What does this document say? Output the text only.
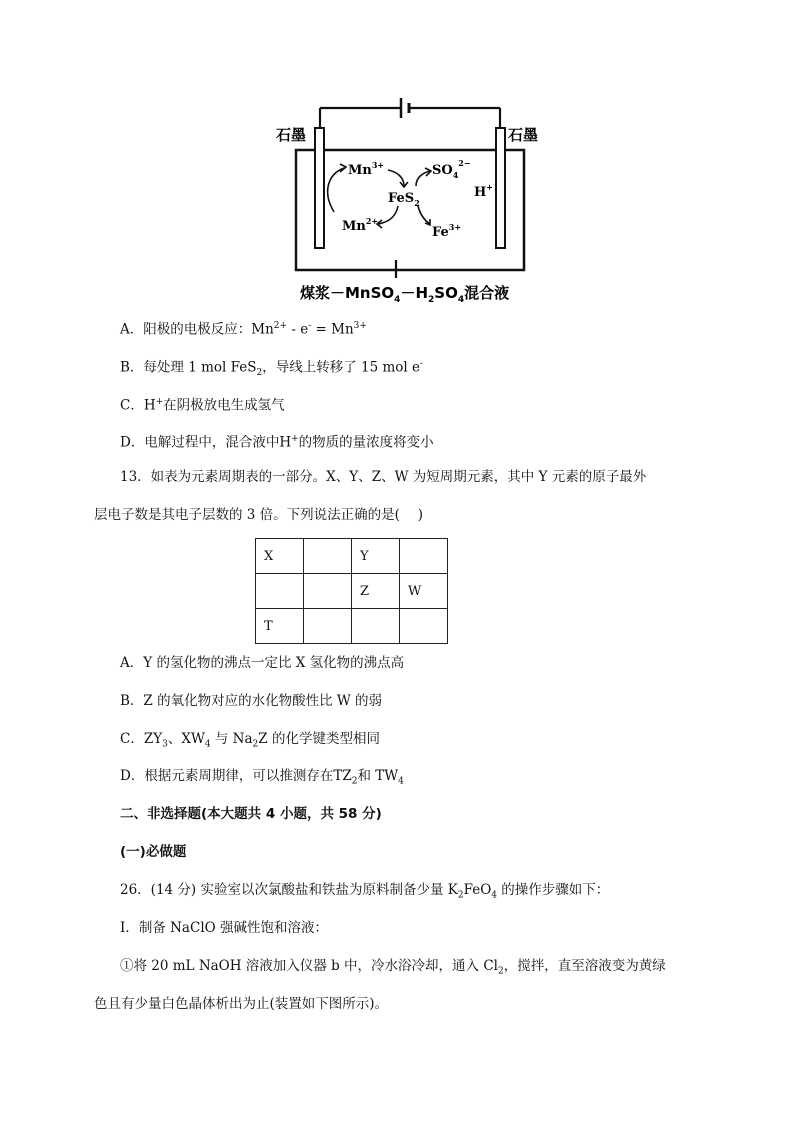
石墨	石墨
$Mn^{3+}$
$Mn^{2+}$
FeS$_2$
$SO_4^{2-}$
$Fe^{3+}$
H+
煤浆$-MnSO_4-H_2SO_4$混合液
A．阳极的电极反应：$Mn^{2+} - e^- = Mn^{3+}$
B．每处理 1 mol FeS$_2$，导线上转移了 15 mol e-
C．H+在阴极放电生成氢气
D．电解过程中，混合液中H+的物质的量浓度将变小
13．如表为元素周期表的一部分。X、Y、Z、W 为短周期元素，其中 Y 元素的原子最外
层电子数是其电子层数的 3 倍。下列说法正确的是(　 )
X		Y	
		Z	W
T			
A．Y 的氢化物的沸点一定比 X 氢化物的沸点高
B．Z 的氧化物对应的水化物酸性比 W 的弱
C．$ZY_3$、$XW_4$ 与 $Na_2Z$ 的化学键类型相同
D．根据元素周期律，可以推测存在$TZ_2$和 $TW_4$
二、非选择题(本大题共 4 小题，共 58 分)
(一)必做题
26．(14 分) 实验室以次氯酸盐和铁盐为原料制备少量 $K_2FeO_4$ 的操作步骤如下：
Ⅰ．制备 NaClO 强碱性饱和溶液：
①将 20 mL NaOH 溶液加入仪器 b 中，冷水浴冷却，通入 $Cl_2$，搅拌，直至溶液变为黄绿
色且有少量白色晶体析出为止(装置如下图所示)。
